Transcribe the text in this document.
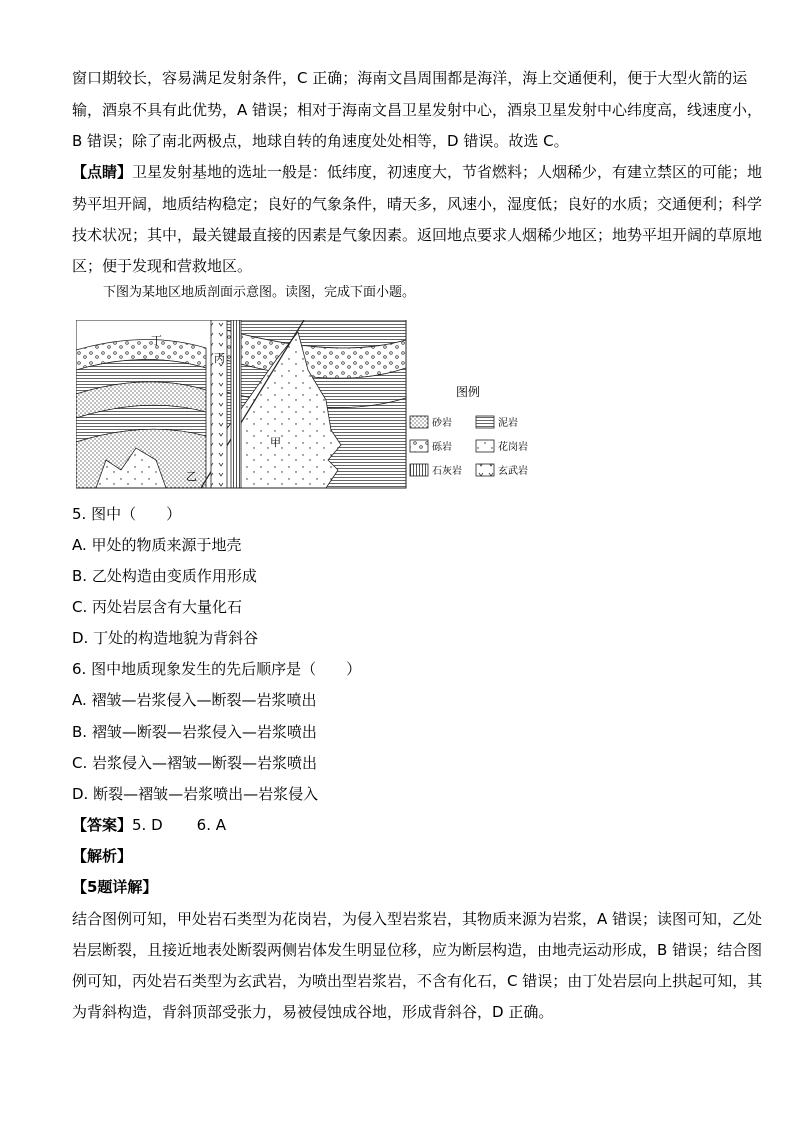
窗口期较长，容易满足发射条件，C 正确；海南文昌周围都是海洋，海上交通便利，便于大型火箭的运
输，酒泉不具有此优势，A 错误；相对于海南文昌卫星发射中心，酒泉卫星发射中心纬度高，线速度小，
B 错误；除了南北两极点，地球自转的角速度处处相等，D 错误。故选 C。
【点睛】卫星发射基地的选址一般是：低纬度，初速度大，节省燃料；人烟稀少，有建立禁区的可能；地
势平坦开阔，地质结构稳定；良好的气象条件，晴天多，风速小，湿度低；良好的水质；交通便利；科学
技术状况；其中，最关键最直接的因素是气象因素。返回地点要求人烟稀少地区；地势平坦开阔的草原地
区；便于发现和营救地区。
下图为某地区地质剖面示意图。读图，完成下面小题。
丁
丙
甲
乙
图例
砂岩	泥岩
砾岩	花岗岩
石灰岩	玄武岩
5. 图中（　　）
A. 甲处的物质来源于地壳
B. 乙处构造由变质作用形成
C. 丙处岩层含有大量化石
D. 丁处的构造地貌为背斜谷
6. 图中地质现象发生的先后顺序是（　　）
A. 褶皱—岩浆侵入—断裂—岩浆喷出
B. 褶皱—断裂—岩浆侵入—岩浆喷出
C. 岩浆侵入—褶皱—断裂—岩浆喷出
D. 断裂—褶皱—岩浆喷出—岩浆侵入
【答案】5. D 6. A
【解析】
【5题详解】
结合图例可知，甲处岩石类型为花岗岩，为侵入型岩浆岩，其物质来源为岩浆，A 错误；读图可知，乙处
岩层断裂，且接近地表处断裂两侧岩体发生明显位移，应为断层构造，由地壳运动形成，B 错误；结合图
例可知，丙处岩石类型为玄武岩，为喷出型岩浆岩，不含有化石，C 错误；由丁处岩层向上拱起可知，其
为背斜构造，背斜顶部受张力，易被侵蚀成谷地，形成背斜谷，D 正确。
